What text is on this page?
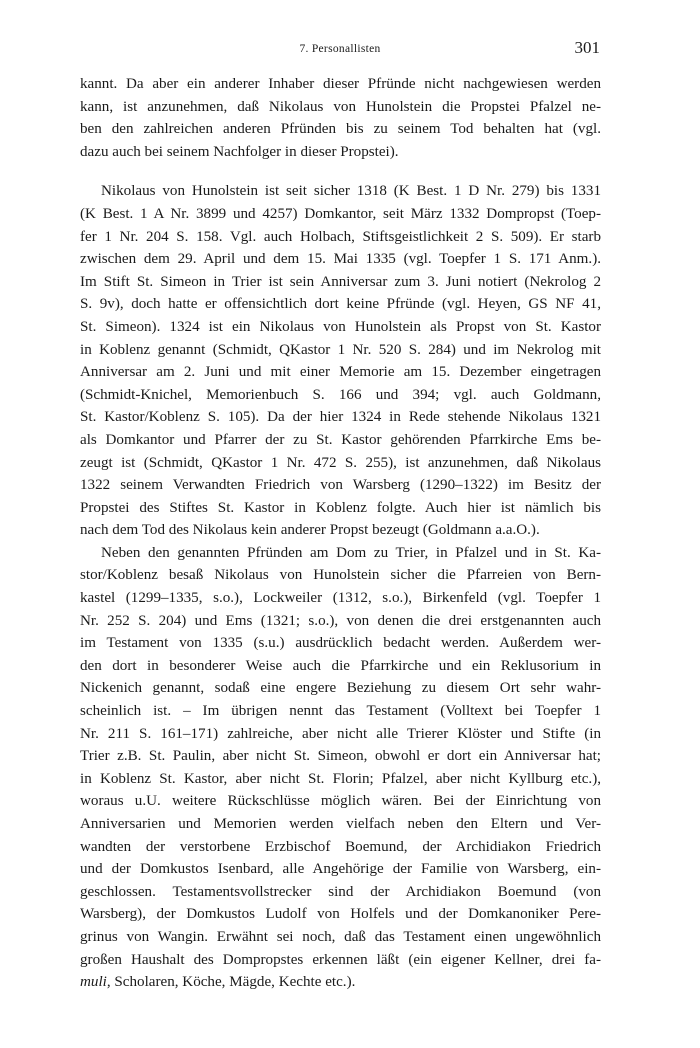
7. Personallisten	301
kannt. Da aber ein anderer Inhaber dieser Pfründe nicht nachgewiesen werden
kann, ist anzunehmen, daß Nikolaus von Hunolstein die Propstei Pfalzel ne-
ben den zahlreichen anderen Pfründen bis zu seinem Tod behalten hat (vgl.
dazu auch bei seinem Nachfolger in dieser Propstei).
Nikolaus von Hunolstein ist seit sicher 1318 (K Best. 1 D Nr. 279) bis 1331
(K Best. 1 A Nr. 3899 und 4257) Domkantor, seit März 1332 Dompropst (Toep-
fer 1 Nr. 204 S. 158. Vgl. auch Holbach, Stiftsgeistlichkeit 2 S. 509). Er starb
zwischen dem 29. April und dem 15. Mai 1335 (vgl. Toepfer 1 S. 171 Anm.).
Im Stift St. Simeon in Trier ist sein Anniversar zum 3. Juni notiert (Nekrolog 2
S. 9v), doch hatte er offensichtlich dort keine Pfründe (vgl. Heyen, GS NF 41,
St. Simeon). 1324 ist ein Nikolaus von Hunolstein als Propst von St. Kastor
in Koblenz genannt (Schmidt, QKastor 1 Nr. 520 S. 284) und im Nekrolog mit
Anniversar am 2. Juni und mit einer Memorie am 15. Dezember eingetragen
(Schmidt-Knichel, Memorienbuch S. 166 und 394; vgl. auch Goldmann,
St. Kastor/Koblenz S. 105). Da der hier 1324 in Rede stehende Nikolaus 1321
als Domkantor und Pfarrer der zu St. Kastor gehörenden Pfarrkirche Ems be-
zeugt ist (Schmidt, QKastor 1 Nr. 472 S. 255), ist anzunehmen, daß Nikolaus
1322 seinem Verwandten Friedrich von Warsberg (1290–1322) im Besitz der
Propstei des Stiftes St. Kastor in Koblenz folgte. Auch hier ist nämlich bis
nach dem Tod des Nikolaus kein anderer Propst bezeugt (Goldmann a.a.O.).
Neben den genannten Pfründen am Dom zu Trier, in Pfalzel und in St. Ka-
stor/Koblenz besaß Nikolaus von Hunolstein sicher die Pfarreien von Bern-
kastel (1299–1335, s.o.), Lockweiler (1312, s.o.), Birkenfeld (vgl. Toepfer 1
Nr. 252 S. 204) und Ems (1321; s.o.), von denen die drei erstgenannten auch
im Testament von 1335 (s.u.) ausdrücklich bedacht werden. Außerdem wer-
den dort in besonderer Weise auch die Pfarrkirche und ein Reklusorium in
Nickenich genannt, sodaß eine engere Beziehung zu diesem Ort sehr wahr-
scheinlich ist. – Im übrigen nennt das Testament (Volltext bei Toepfer 1
Nr. 211 S. 161–171) zahlreiche, aber nicht alle Trierer Klöster und Stifte (in
Trier z.B. St. Paulin, aber nicht St. Simeon, obwohl er dort ein Anniversar hat;
in Koblenz St. Kastor, aber nicht St. Florin; Pfalzel, aber nicht Kyllburg etc.),
woraus u.U. weitere Rückschlüsse möglich wären. Bei der Einrichtung von
Anniversarien und Memorien werden vielfach neben den Eltern und Ver-
wandten der verstorbene Erzbischof Boemund, der Archidiakon Friedrich
und der Domkustos Isenbard, alle Angehörige der Familie von Warsberg, ein-
geschlossen. Testamentsvollstrecker sind der Archidiakon Boemund (von
Warsberg), der Domkustos Ludolf von Holfels und der Domkanoniker Pere-
grinus von Wangin. Erwähnt sei noch, daß das Testament einen ungewöhnlich
großen Haushalt des Dompropstes erkennen läßt (ein eigener Kellner, drei fa-
muli, Scholaren, Köche, Mägde, Kechte etc.).
